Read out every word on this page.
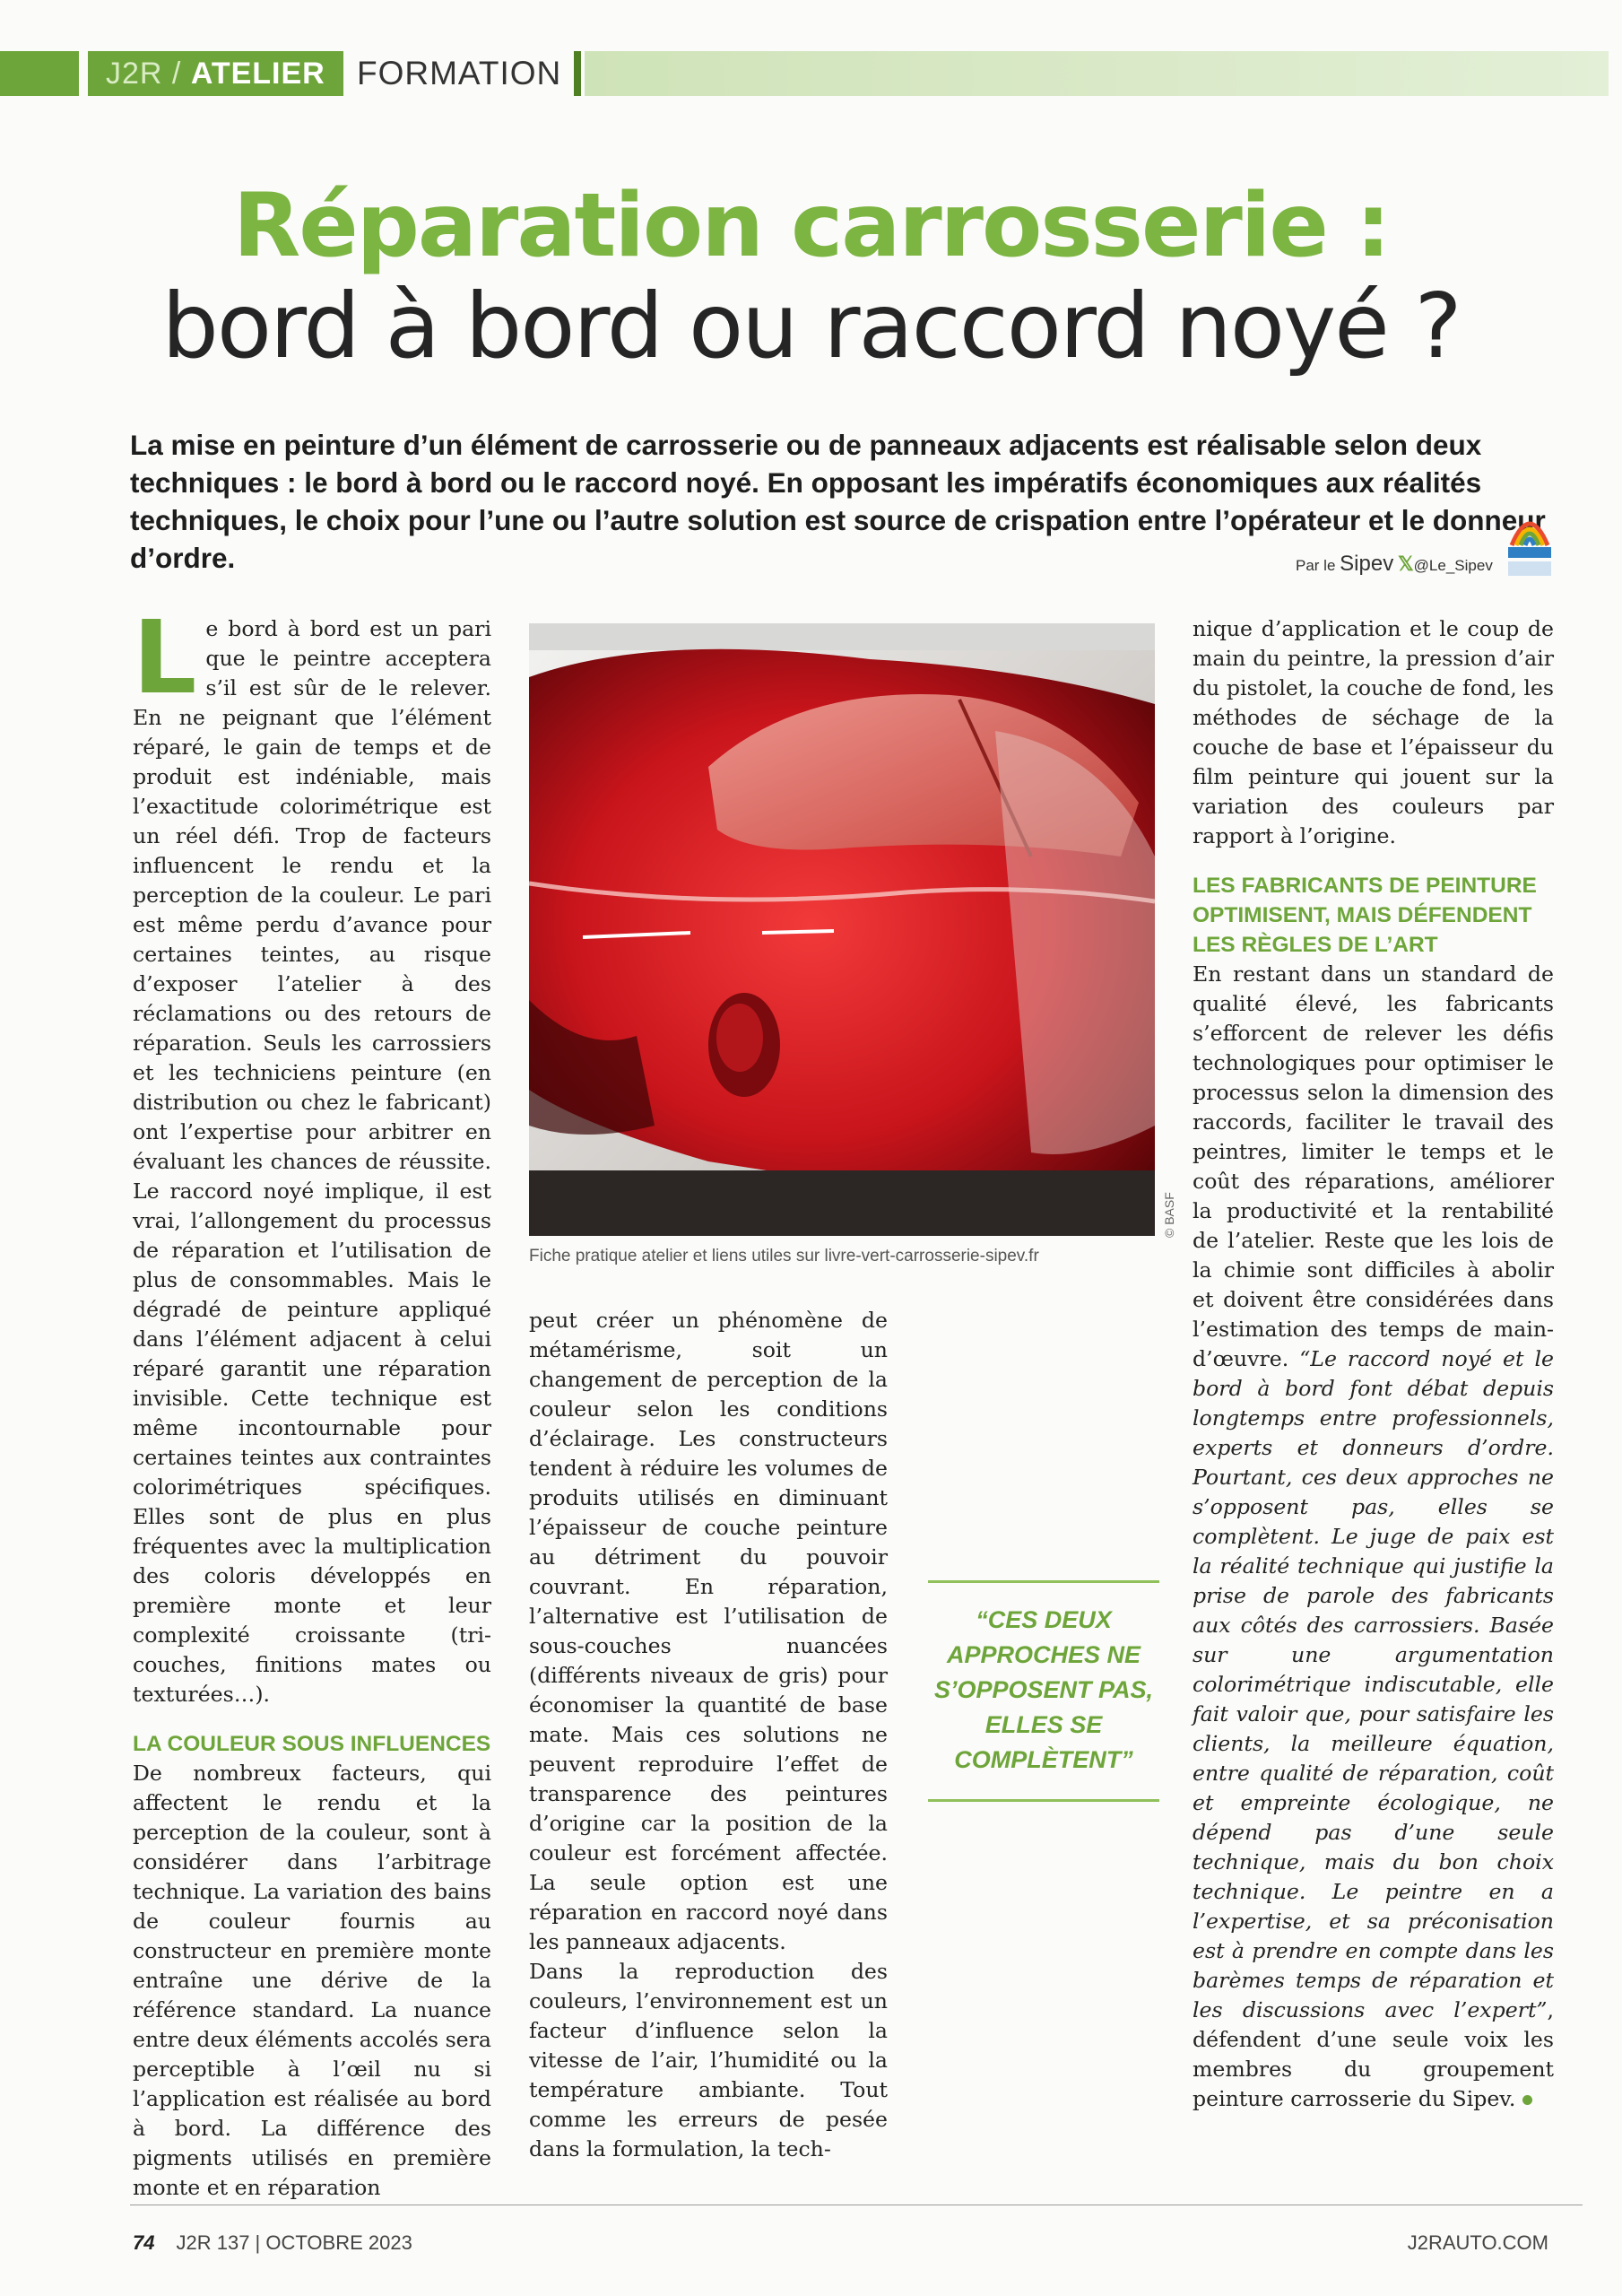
J2R / ATELIER FORMATION
Réparation carrosserie :
bord à bord ou raccord noyé ?
La mise en peinture d’un élément de carrosserie ou de panneaux adjacents est réalisable selon deux techniques : le bord à bord ou le raccord noyé. En opposant les impératifs économiques aux réalités techniques, le choix pour l’une ou l’autre solution est source de crispation entre l’opérateur et le donneur d’ordre.	Par le Sipev 𝕏@Le_Sipev
L e bord à bord est un pari que le peintre acceptera s’il est sûr de le relever. En ne peignant que l’élément réparé, le gain de temps et de produit est indéniable, mais l’exactitude colorimétrique est un réel défi. Trop de facteurs influencent le rendu et la perception de la couleur. Le pari est même perdu d’avance pour certaines teintes, au risque d’exposer l’atelier à des réclamations ou des retours de réparation. Seuls les carrossiers et les techniciens peinture (en distribution ou chez le fabricant) ont l’expertise pour arbitrer en évaluant les chances de réussite. Le raccord noyé implique, il est vrai, l’allongement du processus de réparation et l’utilisation de plus de consommables. Mais le dégradé de peinture appliqué dans l’élément adjacent à celui réparé garantit une réparation invisible. Cette technique est même incontournable pour certaines teintes aux contraintes colorimétriques spécifiques. Elles sont de plus en plus fréquentes avec la multiplication des coloris développés en première monte et leur complexité croissante (tri-couches, finitions mates ou texturées…).

LA COULEUR SOUS INFLUENCES

De nombreux facteurs, qui affectent le rendu et la perception de la couleur, sont à considérer dans l’arbitrage technique. La variation des bains de couleur fournis au constructeur en première monte entraîne une dérive de la référence standard. La nuance entre deux éléments accolés sera perceptible à l’œil nu si l’application est réalisée au bord à bord. La différence des pigments utilisés en première monte et en réparation

© BASF
Fiche pratique atelier et liens utiles sur livre-vert-carrosserie-sipev.fr

peut créer un phénomène de métamérisme, soit un changement de perception de la couleur selon les conditions d’éclairage. Les constructeurs tendent à réduire les volumes de produits utilisés en diminuant l’épaisseur de couche peinture au détriment du pouvoir couvrant. En réparation, l’alternative est l’utilisation de sous-couches nuancées (différents niveaux de gris) pour économiser la quantité de base mate. Mais ces solutions ne peuvent reproduire l’effet de transparence des peintures d’origine car la position de la couleur est forcément affectée. La seule option est une réparation en raccord noyé dans les panneaux adjacents.

Dans la reproduction des couleurs, l’environnement est un facteur d’influence selon la vitesse de l’air, l’humidité ou la température ambiante. Tout comme les erreurs de pesée dans la formulation, la tech-

“CES DEUX APPROCHES NE S’OPPOSENT PAS, ELLES SE COMPLÈTENT”

nique d’application et le coup de main du peintre, la pression d’air du pistolet, la couche de fond, les méthodes de séchage de la couche de base et l’épaisseur du film peinture qui jouent sur la variation des couleurs par rapport à l’origine.

LES FABRICANTS DE PEINTURE OPTIMISENT, MAIS DÉFENDENT LES RÈGLES DE L’ART

En restant dans un standard de qualité élevé, les fabricants s’efforcent de relever les défis technologiques pour optimiser le processus selon la dimension des raccords, faciliter le travail des peintres, limiter le temps et le coût des réparations, améliorer la productivité et la rentabilité de l’atelier. Reste que les lois de la chimie sont difficiles à abolir et doivent être considérées dans l’estimation des temps de main-d’œuvre. “Le raccord noyé et le bord à bord font débat depuis longtemps entre professionnels, experts et donneurs d’ordre. Pourtant, ces deux approches ne s’opposent pas, elles se complètent. Le juge de paix est la réalité technique qui justifie la prise de parole des fabricants aux côtés des carrossiers. Basée sur une argumentation colorimétrique indiscutable, elle fait valoir que, pour satisfaire les clients, la meilleure équation, entre qualité de réparation, coût et empreinte écologique, ne dépend pas d’une seule technique, mais du bon choix technique. Le peintre en a l’expertise, et sa préconisation est à prendre en compte dans les barèmes temps de réparation et les discussions avec l’expert”, défendent d’une seule voix les membres du groupement peinture carrosserie du Sipev.

74 J2R 137 | OCTOBRE 2023	J2RAUTO.COM
